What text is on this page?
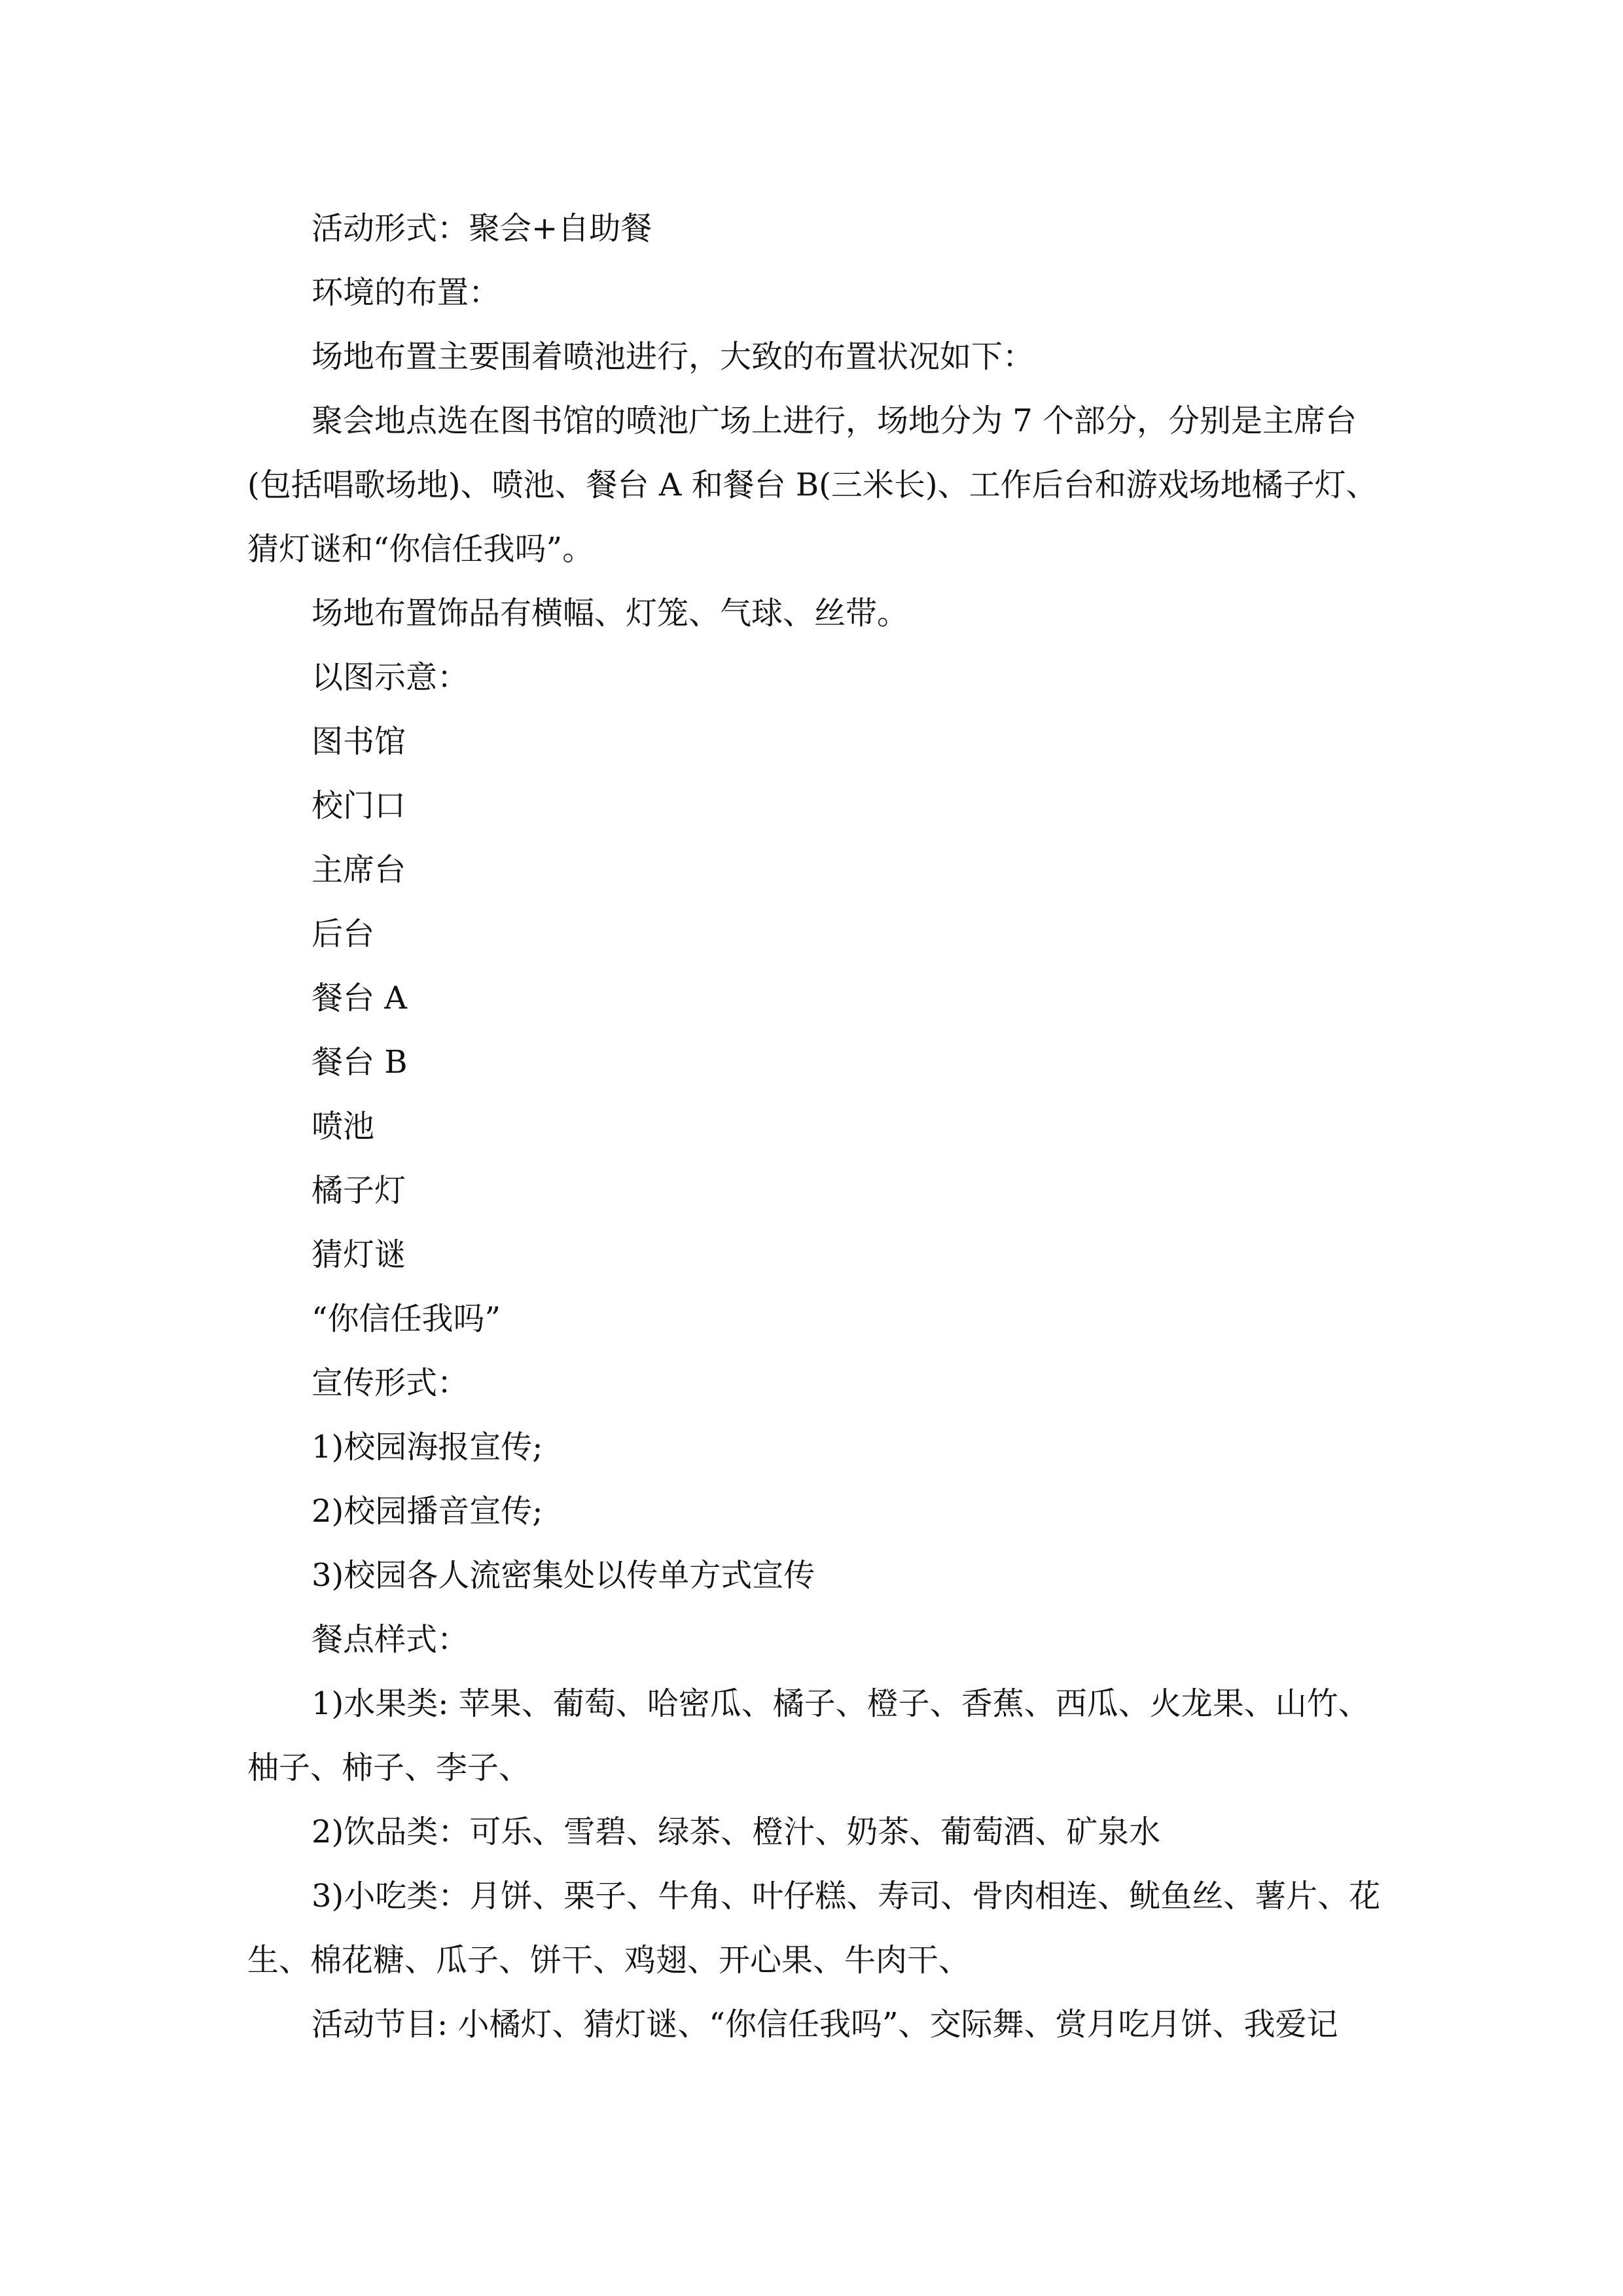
活动形式：聚会+自助餐

环境的布置：

场地布置主要围着喷池进行，大致的布置状况如下：

聚会地点选在图书馆的喷池广场上进行，场地分为 7 个部分，分别是主席台(包括唱歌场地)、喷池、餐台 A 和餐台 B(三米长)、工作后台和游戏场地橘子灯、猜灯谜和“你信任我吗”。

场地布置饰品有横幅、灯笼、气球、丝带。

以图示意：

图书馆

校门口

主席台

后台

餐台 A

餐台 B

喷池

橘子灯

猜灯谜

“你信任我吗”

宣传形式：

1)校园海报宣传;

2)校园播音宣传;

3)校园各人流密集处以传单方式宣传

餐点样式：

1)水果类: 苹果、葡萄、哈密瓜、橘子、橙子、香蕉、西瓜、火龙果、山竹、柚子、柿子、李子、

2)饮品类：可乐、雪碧、绿茶、橙汁、奶茶、葡萄酒、矿泉水

3)小吃类：月饼、栗子、牛角、叶仔糕、寿司、骨肉相连、鱿鱼丝、薯片、花生、棉花糖、瓜子、饼干、鸡翅、开心果、牛肉干、

活动节目: 小橘灯、猜灯谜、“你信任我吗”、交际舞、赏月吃月饼、我爱记
